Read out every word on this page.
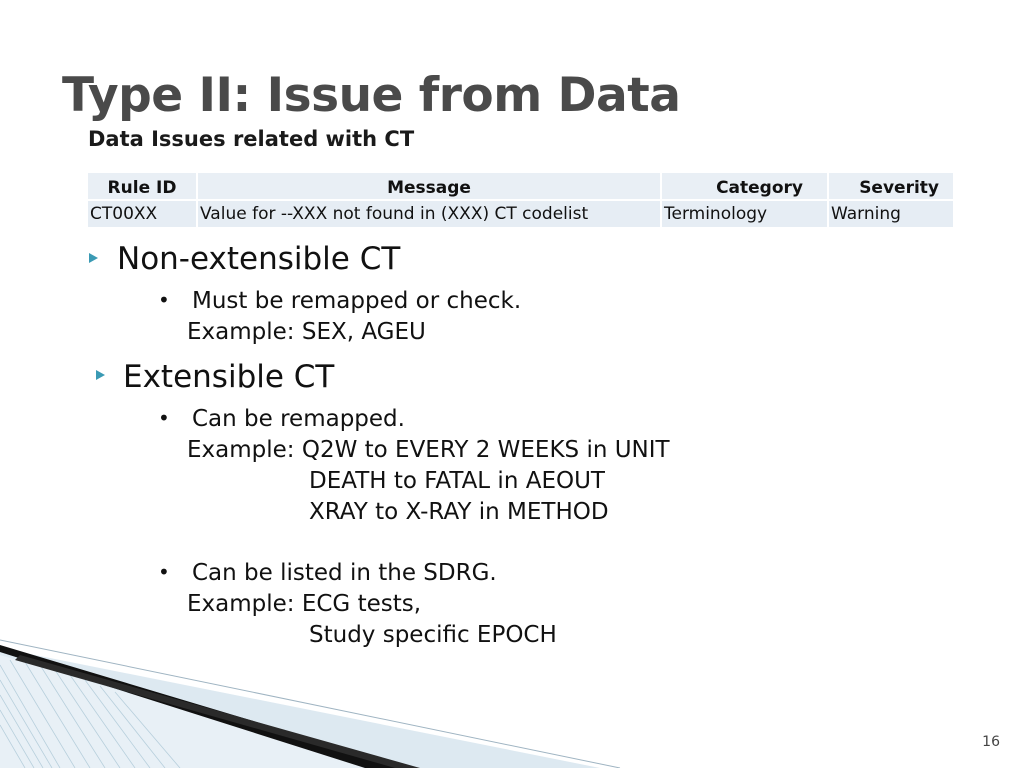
Type II: Issue from Data
Data Issues related with CT
Rule ID	Message	Category	Severity
CT00XX	Value for --XXX not found in (XXX) CT codelist	Terminology	Warning
Non-extensible CT
• Must be remapped or check.
Example: SEX, AGEU
Extensible CT
• Can be remapped.
Example: Q2W to EVERY 2 WEEKS in UNIT
DEATH to FATAL in AEOUT
XRAY to X-RAY in METHOD
• Can be listed in the SDRG.
Example: ECG tests,
Study specific EPOCH
16
